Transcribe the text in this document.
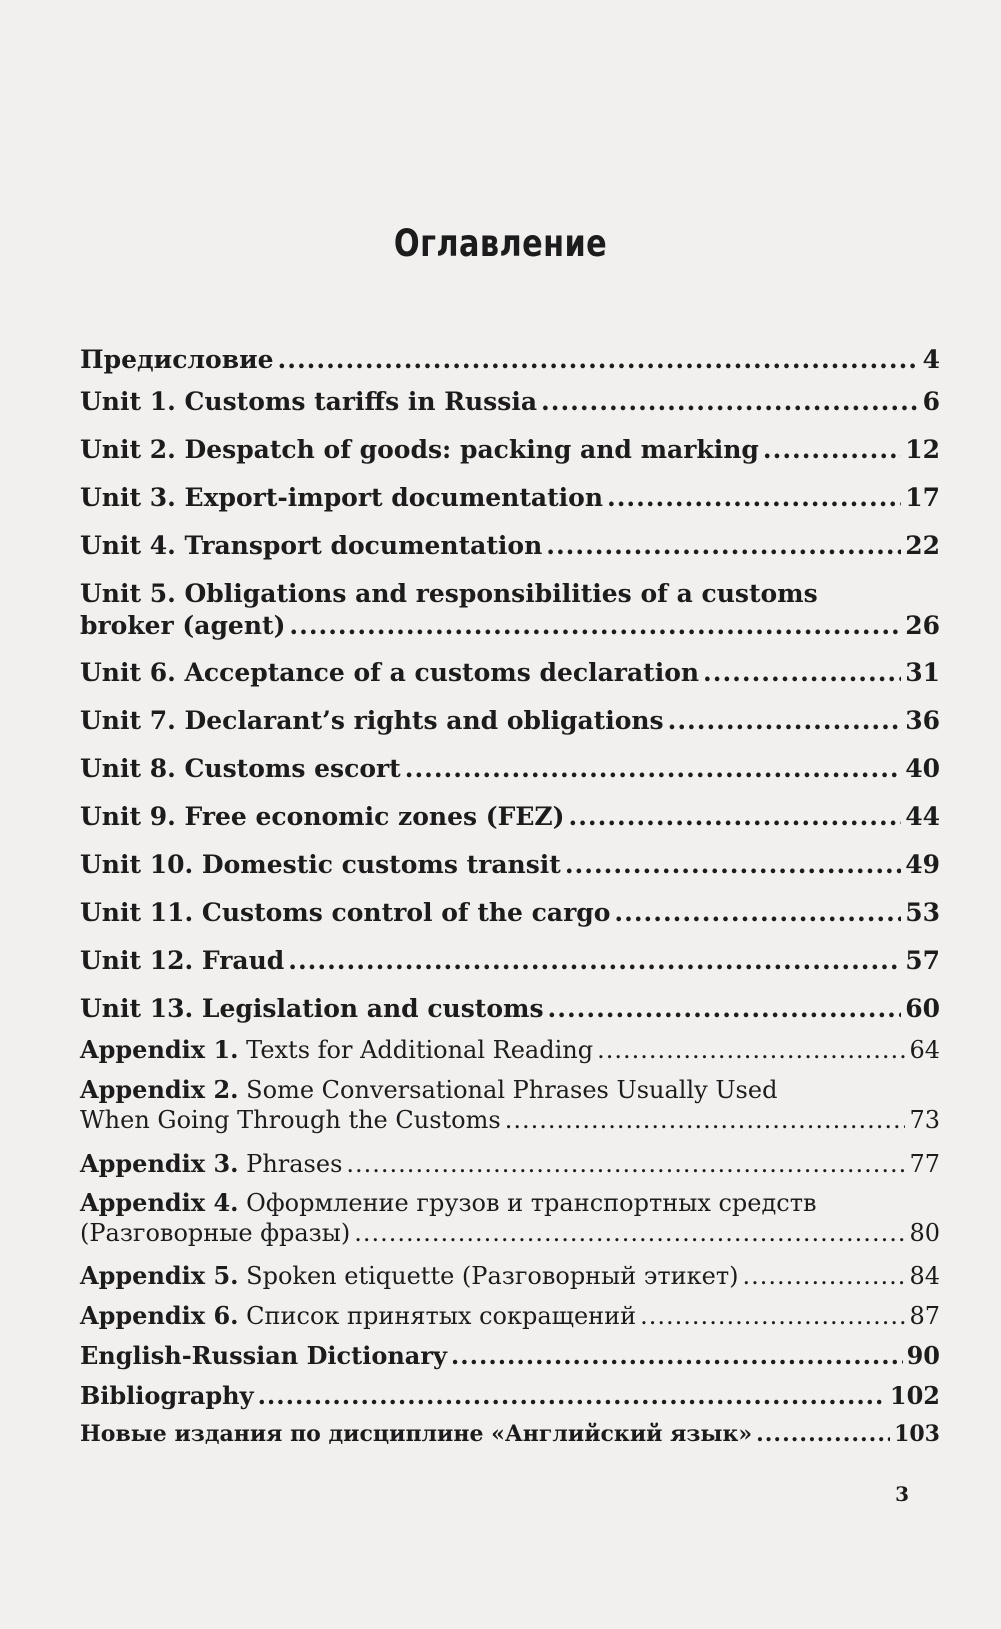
Оглавление
Предисловие .....	4
Unit 1. Customs tariffs in Russia .....	6
Unit 2. Despatch of goods: packing and marking .....	12
Unit 3. Export-import documentation .....	17
Unit 4. Transport documentation .....	22
Unit 5. Obligations and responsibilities of a customs
broker (agent) .....	26
Unit 6. Acceptance of a customs declaration .....	31
Unit 7. Declarant’s rights and obligations .....	36
Unit 8. Customs escort .....	40
Unit 9. Free economic zones (FEZ) .....	44
Unit 10. Domestic customs transit .....	49
Unit 11. Customs control of the cargo .....	53
Unit 12. Fraud .....	57
Unit 13. Legislation and customs .....	60
Appendix 1. Texts for Additional Reading .....	64
Appendix 2. Some Conversational Phrases Usually Used
When Going Through the Customs .....	73
Appendix 3. Phrases .....	77
Appendix 4. Оформление грузов и транспортных средств
(Разговорные фразы) .....	80
Appendix 5. Spoken etiquette (Разговорный этикет) .....	84
Appendix 6. Список принятых сокращений .....	87
English-Russian Dictionary .....	90
Bibliography .....	102
Новые издания по дисциплине «Английский язык» .....	103
3
